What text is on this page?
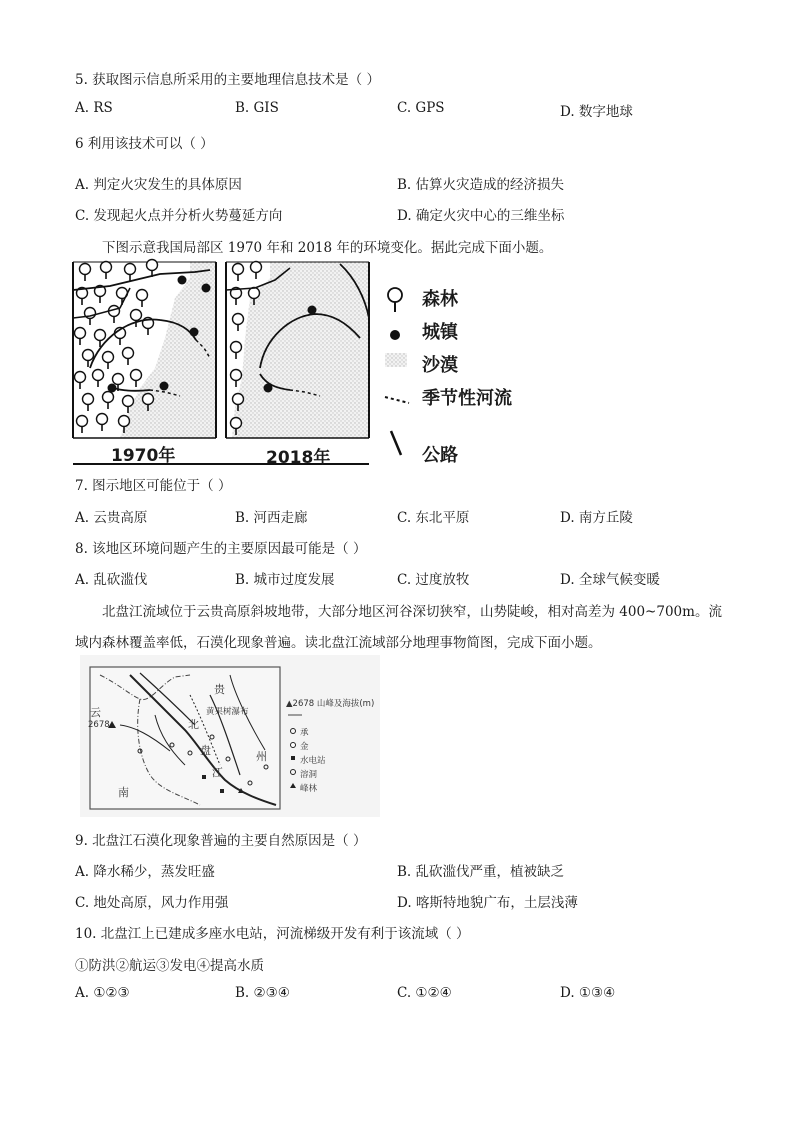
5. 获取图示信息所采用的主要地理信息技术是（ ）
A. RS	B. GIS	C. GPS	D. 数字地球
6 利用该技术可以（ ）
A. 判定火灾发生的具体原因	B. 估算火灾造成的经济损失
C. 发现起火点并分析火势蔓延方向	D. 确定火灾中心的三维坐标
下图示意我国局部区 1970 年和 2018 年的环境变化。据此完成下面小题。
1970年	2018年
森林
城镇
沙漠
季节性河流
公路
7. 图示地区可能位于（ ）
A. 云贵高原	B. 河西走廊	C. 东北平原	D. 南方丘陵
8. 该地区环境问题产生的主要原因最可能是（ ）
A. 乱砍滥伐	B. 城市过度发展	C. 过度放牧	D. 全球气候变暖
北盘江流域位于云贵高原斜坡地带，大部分地区河谷深切狭窄，山势陡峻，相对高差为 400~700m。流
域内森林覆盖率低，石漠化现象普遍。读北盘江流域部分地理事物简图，完成下面小题。
贵
云
2678	北
盘
江
州
南
黄果树瀑布
▲2678 山峰及海拔(m)
承
金
水电站
溶洞
峰林
9. 北盘江石漠化现象普遍的主要自然原因是（ ）
A. 降水稀少，蒸发旺盛	B. 乱砍滥伐严重，植被缺乏
C. 地处高原，风力作用强	D. 喀斯特地貌广布，土层浅薄
10. 北盘江上已建成多座水电站，河流梯级开发有利于该流域（ ）
①防洪②航运③发电④提高水质
A. ①②③	B. ②③④	C. ①②④	D. ①③④
